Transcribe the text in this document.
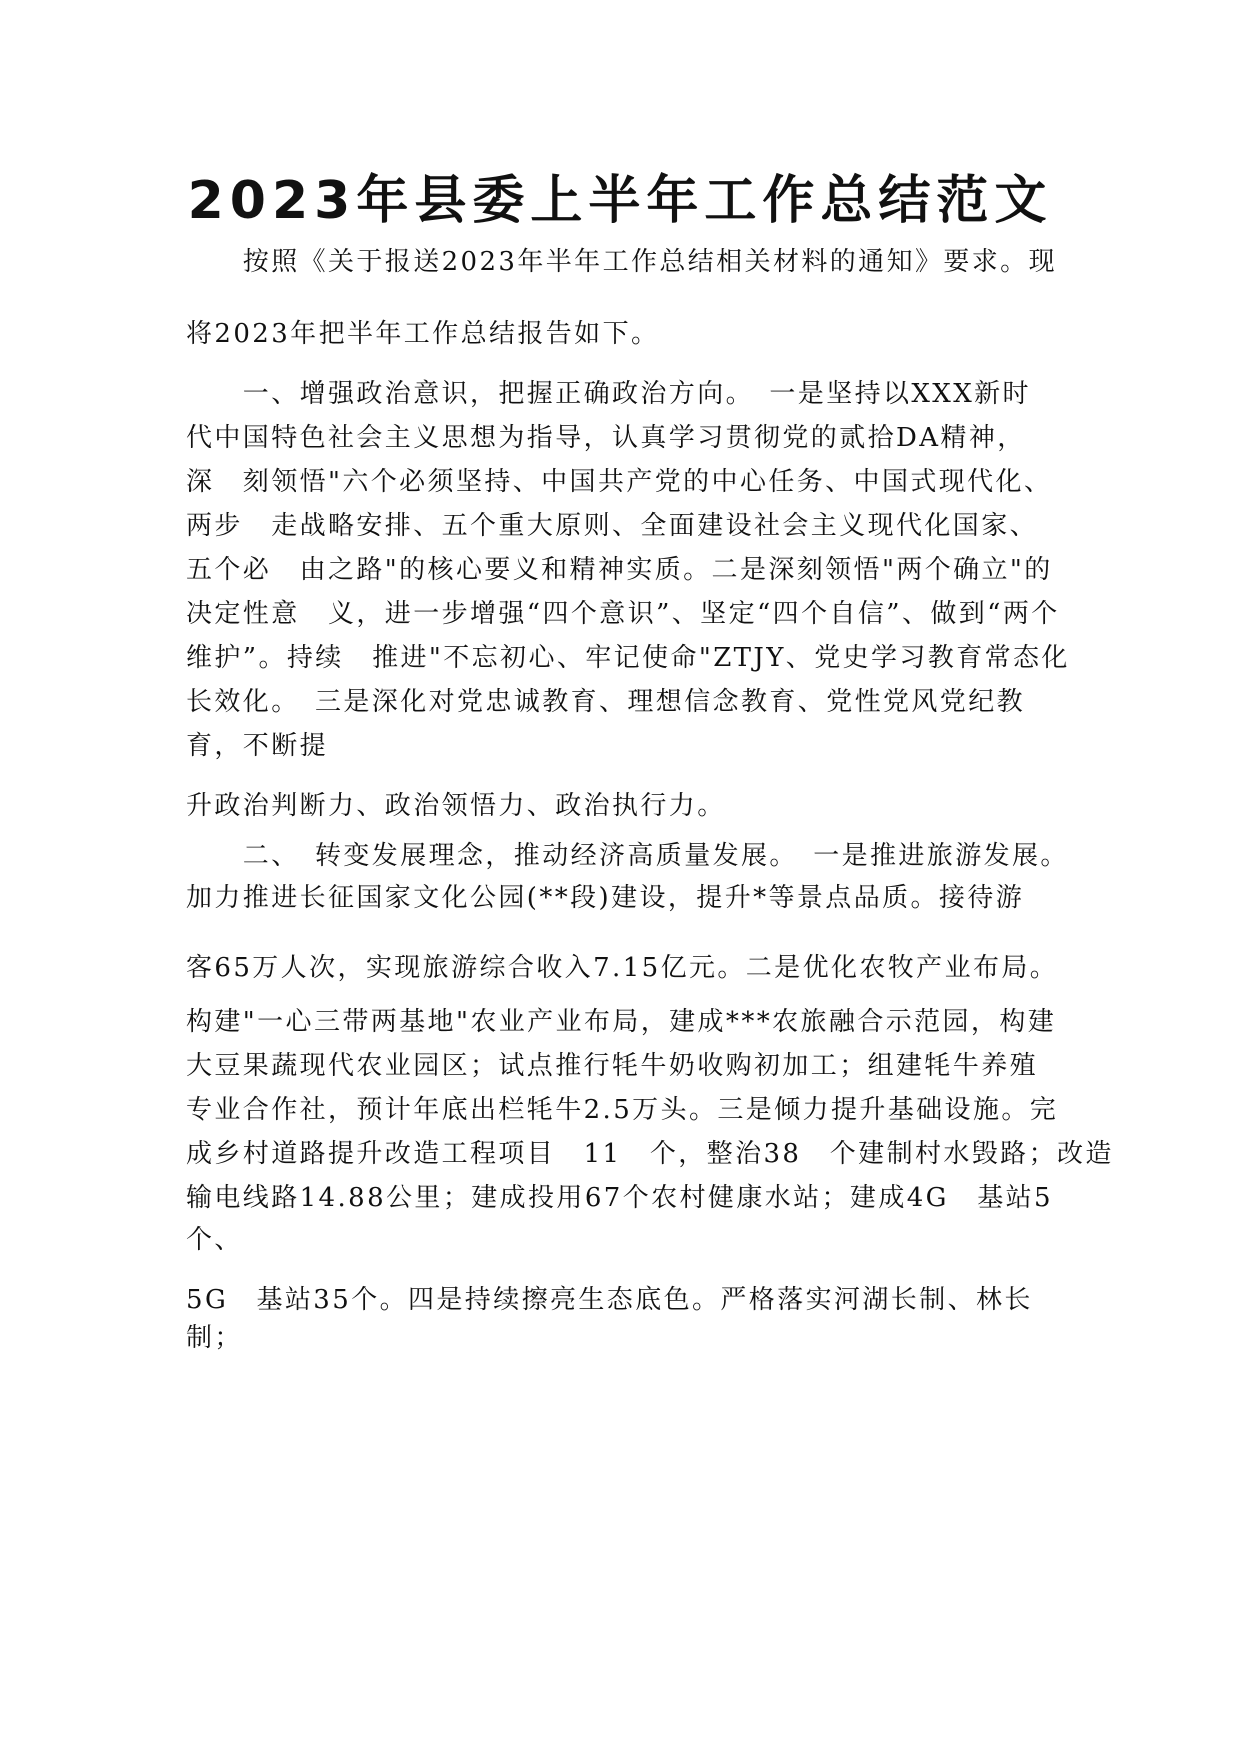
2023年县委上半年工作总结范文
　　按照《关于报送2023年半年工作总结相关材料的通知》要求。现
将2023年把半年工作总结报告如下。
　　一、增强政治意识，把握正确政治方向。　一是坚持以XXX新时
代中国特色社会主义思想为指导，认真学习贯彻党的贰拾DA精神，
深　刻领悟"六个必须坚持、中国共产党的中心任务、中国式现代化、
两步　走战略安排、五个重大原则、全面建设社会主义现代化国家、
五个必　由之路"的核心要义和精神实质。二是深刻领悟"两个确立"的
决定性意　义，进一步增强“四个意识”、坚定“四个自信”、做到“两个
维护”。持续　推进"不忘初心、牢记使命"ZTJY、党史学习教育常态化
长效化。　三是深化对党忠诚教育、理想信念教育、党性党风党纪教
育，不断提
升政治判断力、政治领悟力、政治执行力。
　　二、　转变发展理念，推动经济高质量发展。　一是推进旅游发展。
加力推进长征国家文化公园(**段)建设，提升*等景点品质。接待游
客65万人次，实现旅游综合收入7.15亿元。二是优化农牧产业布局。
构建"一心三带两基地"农业产业布局，建成***农旅融合示范园，构建
大豆果蔬现代农业园区；试点推行牦牛奶收购初加工；组建牦牛养殖
专业合作社，预计年底出栏牦牛2.5万头。三是倾力提升基础设施。完
成乡村道路提升改造工程项目　11　个，整治38　个建制村水毁路；改造
输电线路14.88公里；建成投用67个农村健康水站；建成4G　基站5
个、
5G　基站35个。四是持续擦亮生态底色。严格落实河湖长制、林长
制；
